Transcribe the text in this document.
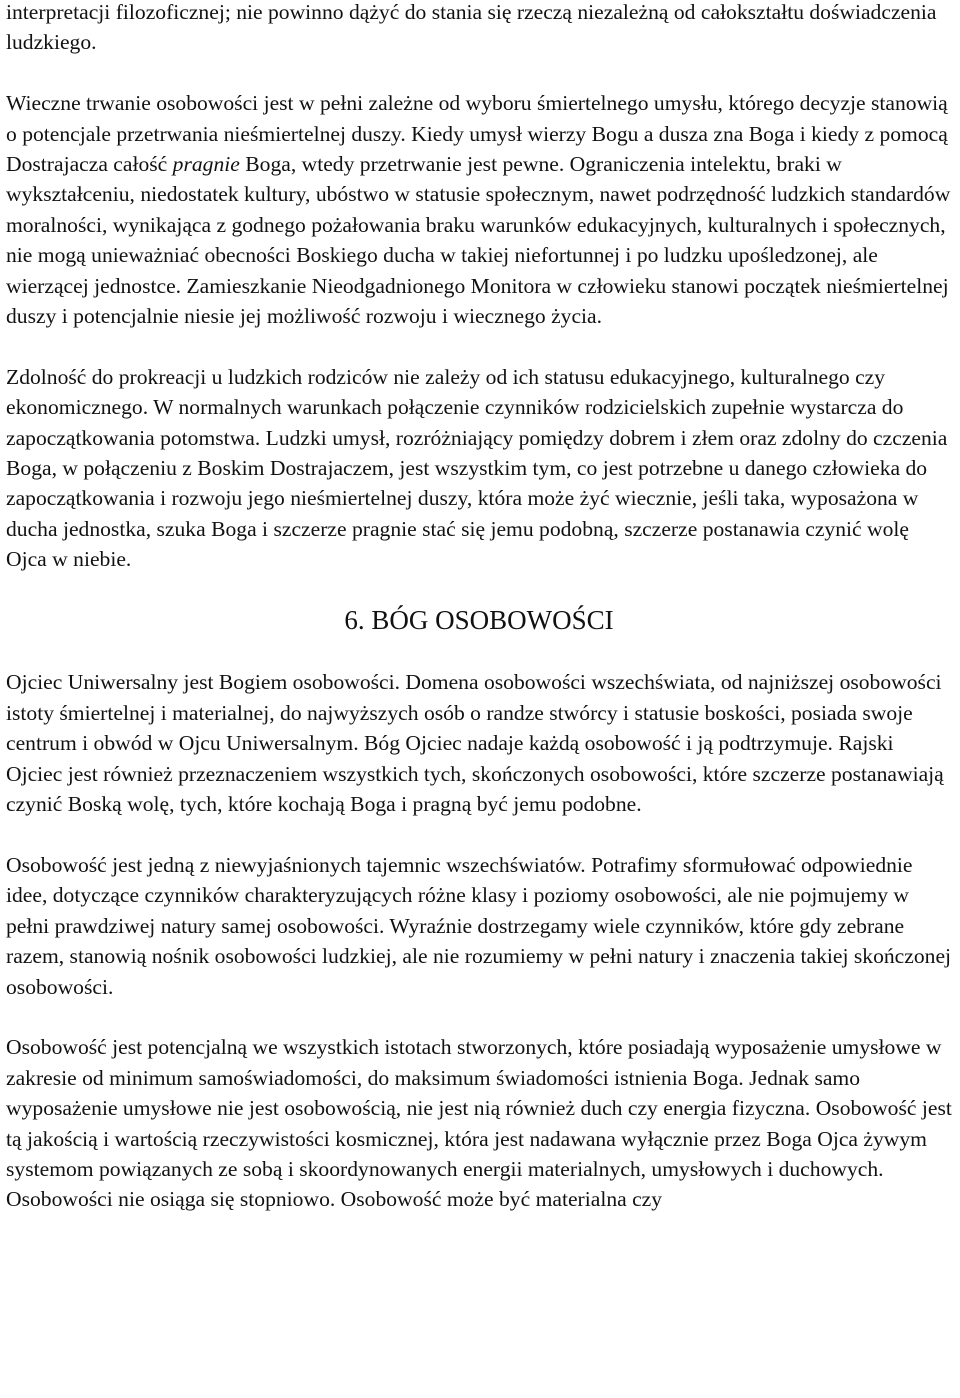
interpretacji filozoficznej; nie powinno dążyć do stania się rzeczą niezależną od całokształtu doświadczenia ludzkiego.

Wieczne trwanie osobowości jest w pełni zależne od wyboru śmiertelnego umysłu, którego decyzje stanowią o potencjale przetrwania nieśmiertelnej duszy. Kiedy umysł wierzy Bogu a dusza zna Boga i kiedy z pomocą Dostrajacza całość pragnie Boga, wtedy przetrwanie jest pewne. Ograniczenia intelektu, braki w wykształceniu, niedostatek kultury, ubóstwo w statusie społecznym, nawet podrzędność ludzkich standardów moralności, wynikająca z godnego pożałowania braku warunków edukacyjnych, kulturalnych i społecznych, nie mogą unieważniać obecności Boskiego ducha w takiej niefortunnej i po ludzku upośledzonej, ale wierzącej jednostce. Zamieszkanie Nieodgadnionego Monitora w człowieku stanowi początek nieśmiertelnej duszy i potencjalnie niesie jej możliwość rozwoju i wiecznego życia.

Zdolność do prokreacji u ludzkich rodziców nie zależy od ich statusu edukacyjnego, kulturalnego czy ekonomicznego. W normalnych warunkach połączenie czynników rodzicielskich zupełnie wystarcza do zapoczątkowania potomstwa. Ludzki umysł, rozróżniający pomiędzy dobrem i złem oraz zdolny do czczenia Boga, w połączeniu z Boskim Dostrajaczem, jest wszystkim tym, co jest potrzebne u danego człowieka do zapoczątkowania i rozwoju jego nieśmiertelnej duszy, która może żyć wiecznie, jeśli taka, wyposażona w ducha jednostka, szuka Boga i szczerze pragnie stać się jemu podobną, szczerze postanawia czynić wolę Ojca w niebie.

6. BÓG OSOBOWOŚCI

Ojciec Uniwersalny jest Bogiem osobowości. Domena osobowości wszechświata, od najniższej osobowości istoty śmiertelnej i materialnej, do najwyższych osób o randze stwórcy i statusie boskości, posiada swoje centrum i obwód w Ojcu Uniwersalnym. Bóg Ojciec nadaje każdą osobowość i ją podtrzymuje. Rajski Ojciec jest również przeznaczeniem wszystkich tych, skończonych osobowości, które szczerze postanawiają czynić Boską wolę, tych, które kochają Boga i pragną być jemu podobne.

Osobowość jest jedną z niewyjaśnionych tajemnic wszechświatów. Potrafimy sformułować odpowiednie idee, dotyczące czynników charakteryzujących różne klasy i poziomy osobowości, ale nie pojmujemy w pełni prawdziwej natury samej osobowości. Wyraźnie dostrzegamy wiele czynników, które gdy zebrane razem, stanowią nośnik osobowości ludzkiej, ale nie rozumiemy w pełni natury i znaczenia takiej skończonej osobowości.

Osobowość jest potencjalną we wszystkich istotach stworzonych, które posiadają wyposażenie umysłowe w zakresie od minimum samoświadomości, do maksimum świadomości istnienia Boga. Jednak samo wyposażenie umysłowe nie jest osobowością, nie jest nią również duch czy energia fizyczna. Osobowość jest tą jakością i wartością rzeczywistości kosmicznej, która jest nadawana wyłącznie przez Boga Ojca żywym systemom powiązanych ze sobą i skoordynowanych energii materialnych, umysłowych i duchowych. Osobowości nie osiąga się stopniowo. Osobowość może być materialna czy
